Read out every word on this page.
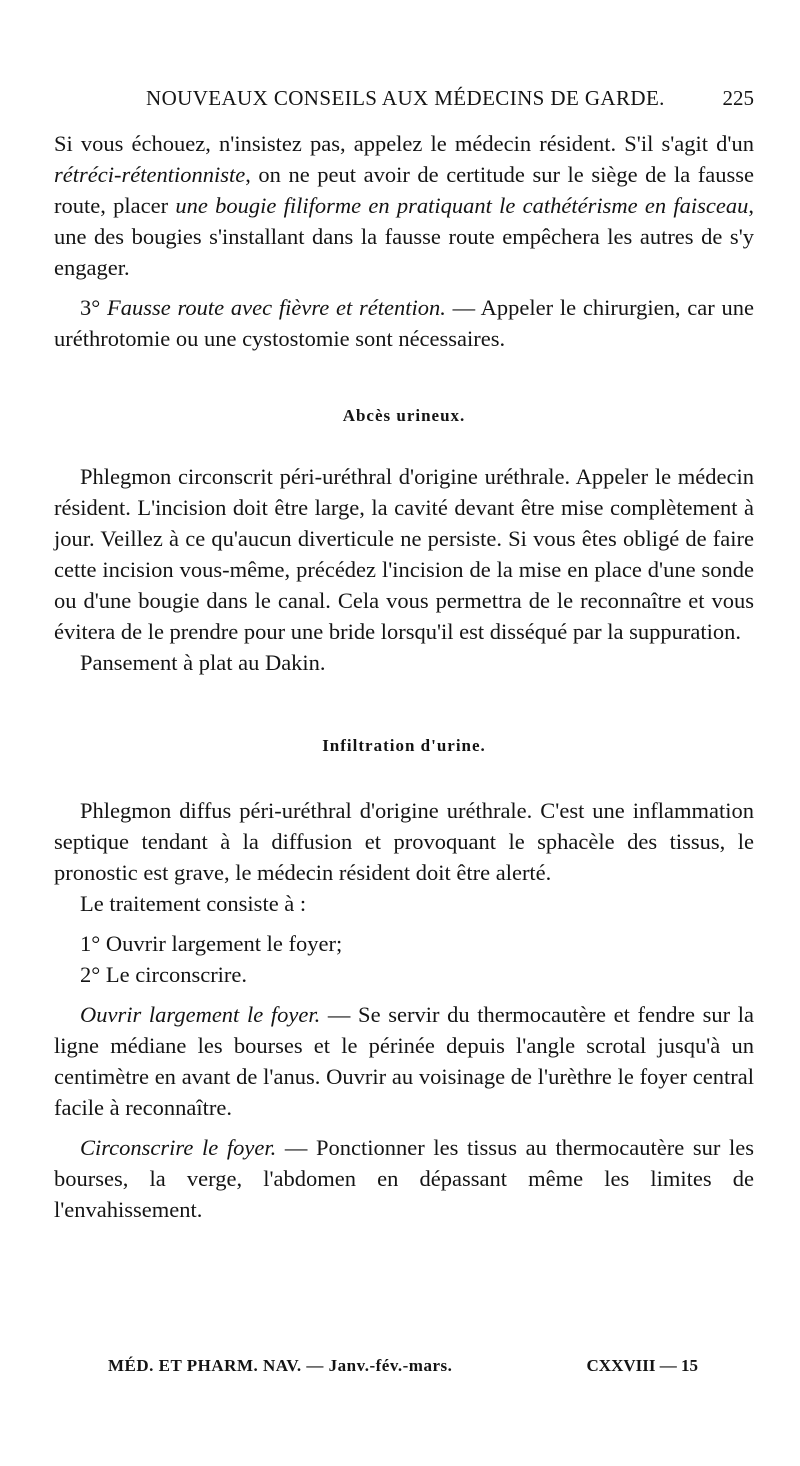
NOUVEAUX CONSEILS AUX MÉDECINS DE GARDE.	225

Si vous échouez, n'insistez pas, appelez le médecin résident. S'il s'agit d'un rétréci-rétentionniste, on ne peut avoir de certitude sur le siège de la fausse route, placer une bougie filiforme en pratiquant le cathétérisme en faisceau, une des bougies s'installant dans la fausse route empêchera les autres de s'y engager.

3° Fausse route avec fièvre et rétention. — Appeler le chirurgien, car une uréthrotomie ou une cystostomie sont nécessaires.

Abcès urineux.

Phlegmon circonscrit péri-uréthral d'origine uréthrale. Appeler le médecin résident. L'incision doit être large, la cavité devant être mise complètement à jour. Veillez à ce qu'aucun diverticule ne persiste. Si vous êtes obligé de faire cette incision vous-même, précédez l'incision de la mise en place d'une sonde ou d'une bougie dans le canal. Cela vous permettra de le reconnaître et vous évitera de le prendre pour une bride lorsqu'il est disséqué par la suppuration.

Pansement à plat au Dakin.

Infiltration d'urine.

Phlegmon diffus péri-uréthral d'origine uréthrale. C'est une inflammation septique tendant à la diffusion et provoquant le sphacèle des tissus, le pronostic est grave, le médecin résident doit être alerté.

Le traitement consiste à :

1° Ouvrir largement le foyer;

2° Le circonscrire.

Ouvrir largement le foyer. — Se servir du thermocautère et fendre sur la ligne médiane les bourses et le périnée depuis l'angle scrotal jusqu'à un centimètre en avant de l'anus. Ouvrir au voisinage de l'urèthre le foyer central facile à reconnaître.

Circonscrire le foyer. — Ponctionner les tissus au thermocautère sur les bourses, la verge, l'abdomen en dépassant même les limites de l'envahissement.

MÉD. ET PHARM. NAV. — Janv.-fév.-mars.	CXXVIII — 15
